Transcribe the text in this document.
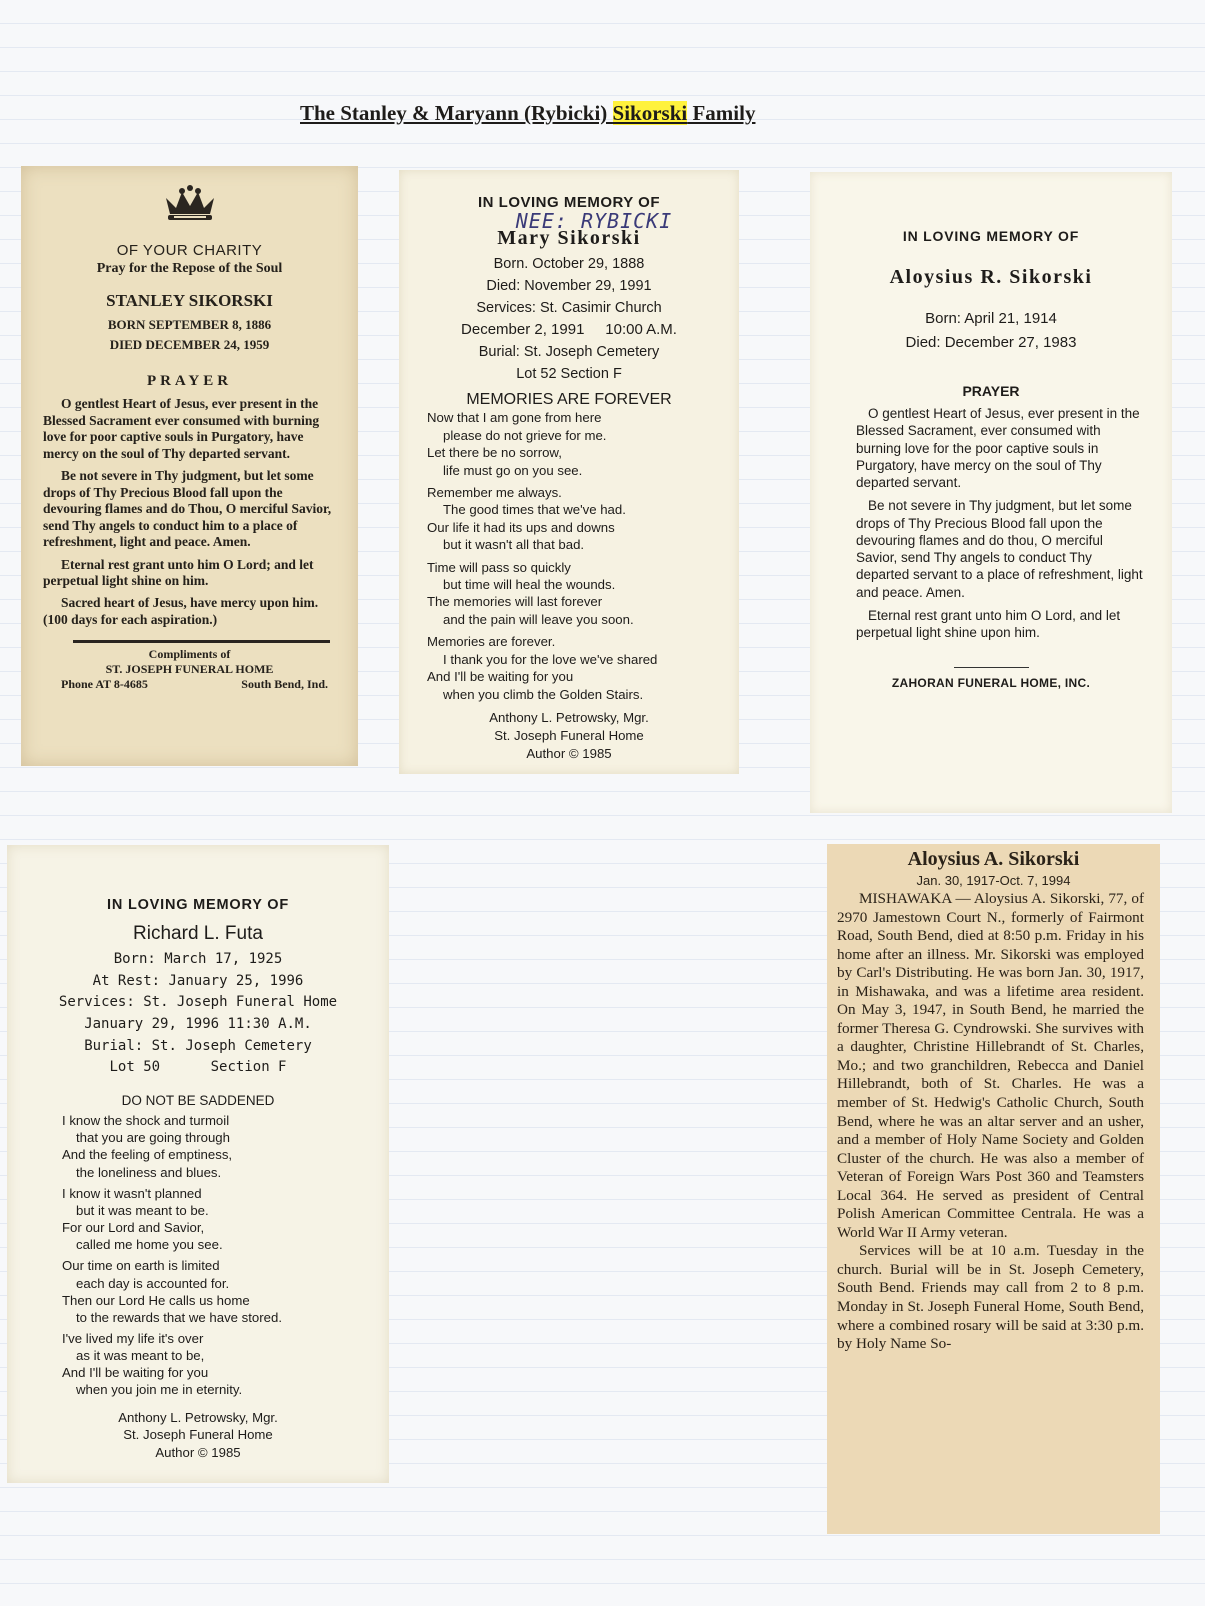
The Stanley & Maryann (Rybicki) Sikorski Family
OF YOUR CHARITY
Pray for the Repose of the Soul
STANLEY SIKORSKI
BORN SEPTEMBER 8, 1886
DIED DECEMBER 24, 1959
PRAYER

O gentlest Heart of Jesus, ever present in the Blessed Sacrament ever consumed with burning love for poor captive souls in Purgatory, have mercy on the soul of Thy departed servant.

Be not severe in Thy judgment, but let some drops of Thy Precious Blood fall upon the devouring flames and do Thou, O merciful Savior, send Thy angels to conduct him to a place of refreshment, light and peace. Amen.

Eternal rest grant unto him O Lord; and let perpetual light shine on him.

Sacred heart of Jesus, have mercy upon him. (100 days for each aspiration.)

Compliments of
ST. JOSEPH FUNERAL HOME
Phone AT 8-4685	South Bend, Ind.
IN LOVING MEMORY OF
NEE: RYBICKI
Mary Sikorski
Born. October 29, 1888
Died: November 29, 1991
Services: St. Casimir Church
December 2, 1991     10:00 A.M.
Burial: St. Joseph Cemetery
Lot 52 Section F
MEMORIES ARE FOREVER
Now that I am gone from here
please do not grieve for me.
Let there be no sorrow,
life must go on you see.
Remember me always.
The good times that we've had.
Our life it had its ups and downs
but it wasn't all that bad.
Time will pass so quickly
but time will heal the wounds.
The memories will last forever
and the pain will leave you soon.
Memories are forever.
I thank you for the love we've shared
And I'll be waiting for you
when you climb the Golden Stairs.
Anthony L. Petrowsky, Mgr.
St. Joseph Funeral Home
Author © 1985
IN LOVING MEMORY OF
Aloysius R. Sikorski
Born: April 21, 1914
Died: December 27, 1983
PRAYER

O gentlest Heart of Jesus, ever present in the Blessed Sacrament, ever consumed with burning love for the poor captive souls in Purgatory, have mercy on the soul of Thy departed servant.

Be not severe in Thy judgment, but let some drops of Thy Precious Blood fall upon the devouring flames and do thou, O merciful Savior, send Thy angels to conduct Thy departed servant to a place of refreshment, light and peace. Amen.

Eternal rest grant unto him O Lord, and let perpetual light shine upon him.

ZAHORAN FUNERAL HOME, INC.
IN LOVING MEMORY OF
Richard L. Futa
Born: March 17, 1925
At Rest: January 25, 1996
Services: St. Joseph Funeral Home
January 29, 1996 11:30 A.M.
Burial: St. Joseph Cemetery
Lot 50      Section F
DO NOT BE SADDENED
I know the shock and turmoil
that you are going through
And the feeling of emptiness,
the loneliness and blues.
I know it wasn't planned
but it was meant to be.
For our Lord and Savior,
called me home you see.
Our time on earth is limited
each day is accounted for.
Then our Lord He calls us home
to the rewards that we have stored.
I've lived my life it's over
as it was meant to be,
And I'll be waiting for you
when you join me in eternity.
Anthony L. Petrowsky, Mgr.
St. Joseph Funeral Home
Author © 1985
Aloysius A. Sikorski
Jan. 30, 1917-Oct. 7, 1994

MISHAWAKA — Aloysius A. Sikorski, 77, of 2970 Jamestown Court N., formerly of Fairmont Road, South Bend, died at 8:50 p.m. Friday in his home after an illness. Mr. Sikorski was employed by Carl's Distributing. He was born Jan. 30, 1917, in Mishawaka, and was a lifetime area resident. On May 3, 1947, in South Bend, he married the former Theresa G. Cyndrowski. She survives with a daughter, Christine Hillebrandt of St. Charles, Mo.; and two granchildren, Rebecca and Daniel Hillebrandt, both of St. Charles. He was a member of St. Hedwig's Catholic Church, South Bend, where he was an altar server and an usher, and a member of Holy Name Society and Golden Cluster of the church. He was also a member of Veteran of Foreign Wars Post 360 and Teamsters Local 364. He served as president of Central Polish American Committee Centrala. He was a World War II Army veteran.

Services will be at 10 a.m. Tuesday in the church. Burial will be in St. Joseph Cemetery, South Bend. Friends may call from 2 to 8 p.m. Monday in St. Joseph Funeral Home, South Bend, where a combined rosary will be said at 3:30 p.m. by Holy Name So-
